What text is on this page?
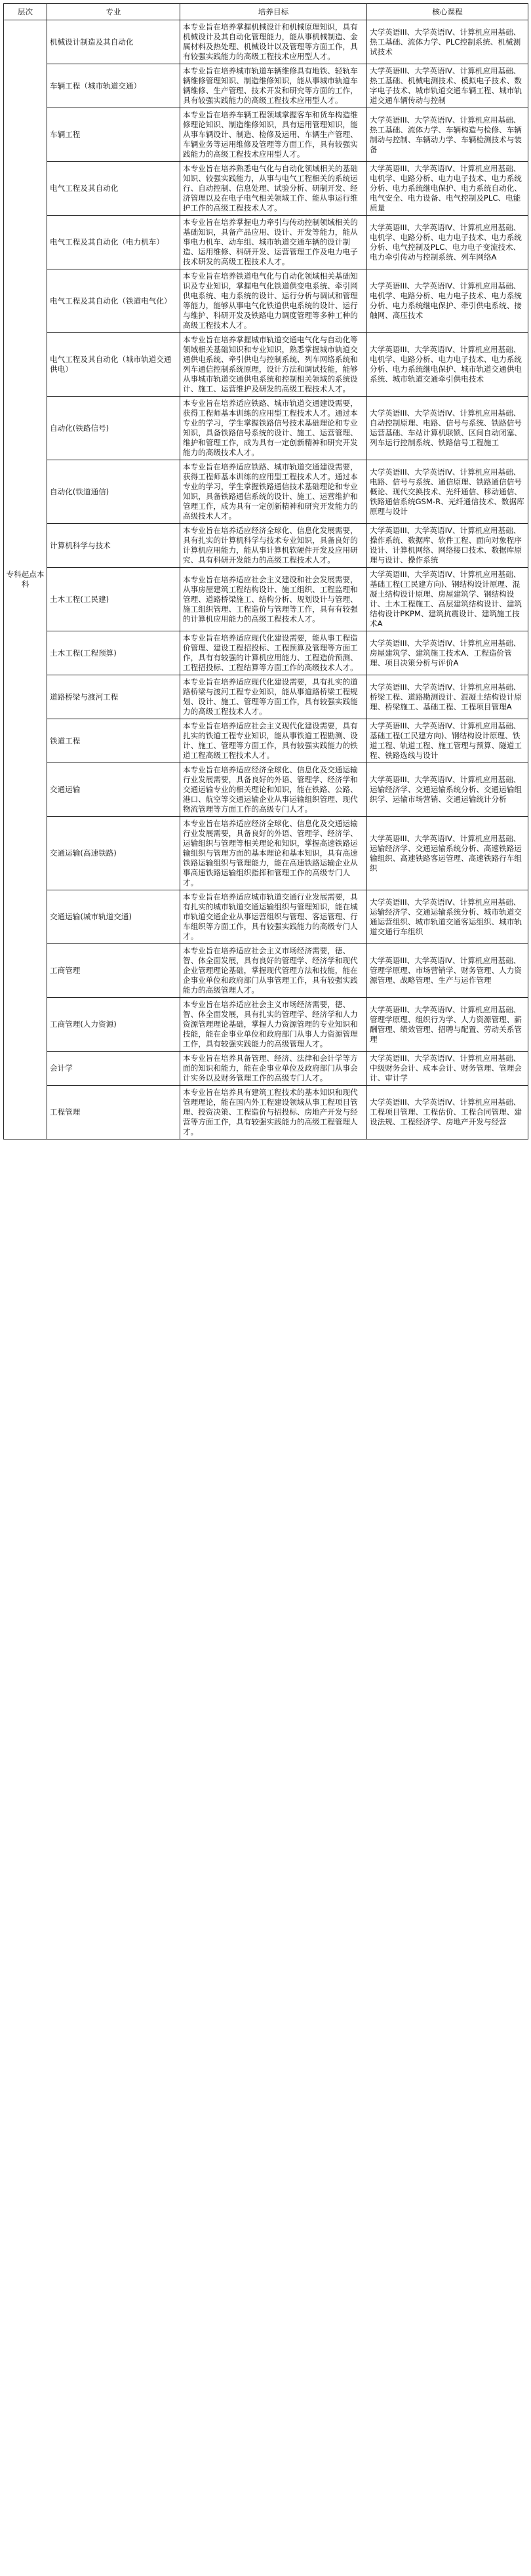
层次	专业	培养目标	核心课程
专科起点本科	机械设计制造及其自动化	本专业旨在培养掌握机械设计和机械原理知识，具有机械设计及其自动化管理能力，能从事机械制造、金属材料及热处理、机械设计以及管理等方面工作，具有较强实践能力的高级工程技术应用型人才。	大学英语III、大学英语IV、计算机应用基础、热工基础、流体力学、PLC控制系统、机械测试技术
	车辆工程（城市轨道交通）	本专业旨在培养城市轨道车辆维修具有地铁、轻轨车辆维修管理知识、制造维修知识，能从事城市轨道车辆维修、生产管理、技术开发和研究等方面的工作，具有较强实践能力的高级工程技术应用型人才。	大学英语III、大学英语IV、计算机应用基础、热工基础、机械电测技术、模拟电子技术、数字电子技术、城市轨道交通车辆工程、城市轨道交通车辆传动与控制
	车辆工程	本专业旨在培养车辆工程领域掌握客车和货车构造维修理论知识、制造维修知识，具有运用管理知识，能从事车辆设计、制造、检修及运用、车辆生产管理、车辆业务等运用维修及管理等方面工作，具有较强实践能力的高级工程技术应用型人才。	大学英语III、大学英语IV、计算机应用基础、热工基础、流体力学、车辆构造与检修、车辆制动与控制、车辆动力学、车辆检测技术与装备
	电气工程及其自动化	本专业旨在培养熟悉电气化与自动化领域相关的基础知识、较强实践能力，从事与电气工程相关的系统运行、自动控制、信息处理、试验分析、研制开发、经济管理以及在电子电气相关领域工作、能从事运行维护工作的高级工程技术人才。	大学英语III、大学英语IV、计算机应用基础、电机学、电路分析、电力电子技术、电力系统分析、电力系统继电保护、电力系统自动化、电气安全、电力设备、电气控制及PLC、电能质量
	电气工程及其自动化（电力机车）	本专业旨在培养掌握电力牵引与传动控制领域相关的基础知识，具备产品应用、设计、开发等能力，能从事电力机车、动车组、城市轨道交通车辆的设计制造、运用维修、科研开发、运营管理工作及电力电子技术研发的高级工程技术人才。	大学英语III、大学英语IV、计算机应用基础、电机学、电路分析、电力电子技术、电力系统分析、电气控制及PLC、电力电子变流技术、电力牵引传动与控制系统、列车网络A
	电气工程及其自动化（铁道电气化）	本专业旨在培养铁道电气化与自动化领域相关基础知识及专业知识，掌握电气化铁道供变电系统、牵引网供电系统、电力系统的设计、运行分析与调试和管理等能力，能够从事电气化铁道供电系统的设计、运行与维护、科研开发及铁路电力调度管理等多种工种的高级工程技术人才。	大学英语III、大学英语IV、计算机应用基础、电机学、电路分析、电力电子技术、电力系统分析、电力系统继电保护、牵引供电系统、接触网、高压技术
	电气工程及其自动化（城市轨道交通供电）	本专业旨在培养掌握城市轨道交通电气化与自动化等领域相关基础知识和专业知识，熟悉掌握城市轨道交通供电系统、牵引供电与控制系统、列车网络系统和列车通信控制系统原理，设计方法和调试技能，能够从事城市轨道交通供电系统和控制相关领域的系统设计、施工、运营维护及研发的高级工程技术人才。	大学英语III、大学英语IV、计算机应用基础、电机学、电路分析、电力电子技术、电力系统分析、电力系统继电保护、城市轨道交通供电系统、城市轨道交通牵引供电技术
	自动化(铁路信号)	本专业旨在培养适应铁路、城市轨道交通建设需要，获得工程师基本训练的应用型工程技术人才。通过本专业的学习，学生掌握铁路信号技术基础理论和专业知识，具备铁路信号系统的设计、施工、运营管理、维护和管理工作，成为具有一定创新精神和研究开发能力的高级技术人才。	大学英语III、大学英语IV、计算机应用基础、自动控制原理、电路、信号与系统、铁路信号运营基础、车站计算机联锁、区间自动闭塞、列车运行控制系统、铁路信号工程施工
	自动化(铁道通信)	本专业旨在培养适应铁路、城市轨道交通建设需要，获得工程师基本训练的应用型工程技术人才。通过本专业的学习，学生掌握铁路通信技术基础理论和专业知识，具备铁路通信系统的设计、施工、运营维护和管理工作，成为具有一定创新精神和研究开发能力的高级技术人才。	大学英语III、大学英语IV、计算机应用基础、电路、信号与系统、通信原理、铁路通信信号概论、现代交换技术、光纤通信、移动通信、铁路通信系统GSM-R、光纤通信技术、数据库原理与设计
	计算机科学与技术	本专业旨在培养适应经济全球化、信息化发展需要，具有扎实的计算机科学与技术专业知识，具备良好的计算机应用能力，能从事计算机软硬件开发及应用研究、具有科研开发能力的高级工程技术人才。	大学英语III、大学英语IV、计算机应用基础、操作系统、数据库、软件工程、面向对象程序设计、计算机网络、网络接口技术、数据库原理与设计、操作系统
	土木工程(工民建)	本专业旨在培养适应社会主义建设和社会发展需要，从事房屋建筑工程结构设计、施工组织、工程监理和管理、道路桥梁施工、结构分析、规划设计与管理、施工组织管理、工程造价与管理等工作，具有有较强的计算机应用能力的高级工程技术人才。	大学英语III、大学英语IV、计算机应用基础、基础工程(工民建方向)、钢结构设计原理、混凝土结构设计原理、房屋建筑学、钢结构设计、土木工程施工、高层建筑结构设计、建筑结构设计PKPM、建筑抗震设计、建筑施工技术A
	土木工程(工程预算)	本专业旨在培养适应现代化建设需要，能从事工程造价管理、建设工程招投标、工程预算及管理等方面工作，具有有较强的计算机应用能力、工程造价预测、工程招投标、工程结算等方面工作的高级技术人才。	大学英语III、大学英语IV、计算机应用基础、房屋建筑学、建筑施工技术A、工程造价管理、项目决策分析与评价A
	道路桥梁与渡河工程	本专业旨在培养适应现代化建设需要，具有扎实的道路桥梁与渡河工程专业知识，能从事道路桥梁工程规划、设计、施工、管理等方面工作，具有较强实践能力的高级工程技术人才。	大学英语III、大学英语IV、计算机应用基础、桥梁工程、道路勘测设计、混凝土结构设计原理、桥梁施工、基础工程、工程项目管理A
	铁道工程	本专业旨在培养适应社会主义现代化建设需要，具有扎实的铁道工程专业知识，能从事铁道工程勘测、设计、施工、管理等方面工作，具有较强实践能力的铁道工程高级工程技术人才。	大学英语III、大学英语IV、计算机应用基础、基础工程(工民建方向)、钢结构设计原理、铁道工程、轨道工程、施工管理与预算、隧道工程、铁路选线与设计
	交通运输	本专业旨在培养适应经济全球化、信息化及交通运输行业发展需要，具备良好的外语、管理学、经济学和交通运输专业的相关理论和知识，能在铁路、公路、港口、航空等交通运输企业从事运输组织管理、现代物流管理等方面工作的高级专门人才。	大学英语III、大学英语IV、计算机应用基础、运输经济学、交通运输系统分析、交通运输组织学、运输市场营销、交通运输统计分析
	交通运输(高速铁路)	本专业旨在培养适应经济全球化、信息化及交通运输行业发展需要，具备良好的外语、管理学、经济学、运输组织与管理等相关理论和知识，掌握高速铁路运输组织与管理方面的基本理论和基本知识，具有高速铁路运输组织与管理能力，能在高速铁路运输企业从事高速铁路运输组织指挥和管理工作的高级专门人才。	大学英语III、大学英语IV、计算机应用基础、运输经济学、交通运输系统分析、高速铁路运输组织、高速铁路客运管理、高速铁路行车组织
	交通运输(城市轨道交通)	本专业旨在培养适应城市轨道交通行业发展需要，具有扎实的城市轨道交通运输组织与管理知识，能在城市轨道交通企业从事运营组织与管理、客运管理、行车组织等方面工作，具有较强实践能力的高级专门人才。	大学英语III、大学英语IV、计算机应用基础、运输经济学、交通运输系统分析、城市轨道交通运营组织、城市轨道交通客运组织、城市轨道交通行车组织
	工商管理	本专业旨在培养适应社会主义市场经济需要，德、智、体全面发展，具有良好的管理学、经济学和现代企业管理理论基础，掌握现代管理方法和技能，能在企事业单位和政府部门从事管理工作，具有较强实践能力的高级管理人才。	大学英语III、大学英语IV、计算机应用基础、管理学原理、市场营销学、财务管理、人力资源管理、战略管理、生产与运作管理
	工商管理(人力资源)	本专业旨在培养适应社会主义市场经济需要，德、智、体全面发展，具有扎实的管理学、经济学和人力资源管理理论基础，掌握人力资源管理的专业知识和技能，能在企事业单位和政府部门从事人力资源管理工作，具有较强实践能力的高级管理人才。	大学英语III、大学英语IV、计算机应用基础、管理学原理、组织行为学、人力资源管理、薪酬管理、绩效管理、招聘与配置、劳动关系管理
	会计学	本专业旨在培养具备管理、经济、法律和会计学等方面的知识和能力，能在企事业单位及政府部门从事会计实务以及财务管理工作的高级专门人才。	大学英语III、大学英语IV、计算机应用基础、中级财务会计、成本会计、财务管理、管理会计、审计学
	工程管理	本专业旨在培养具有建筑工程技术的基本知识和现代管理理论，能在国内外工程建设领域从事工程项目管理、投资决策、工程造价与招投标、房地产开发与经营等方面工作，具有较强实践能力的高级工程管理人才。	大学英语III、大学英语IV、计算机应用基础、工程项目管理、工程估价、工程合同管理、建设法规、工程经济学、房地产开发与经营
